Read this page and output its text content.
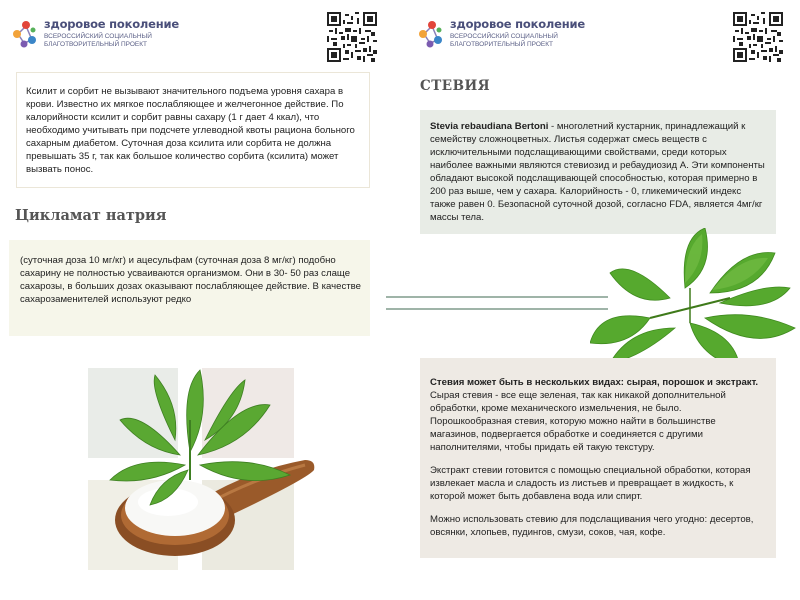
здоровое поколение
ВСЕРОССИЙСКИЙ СОЦИАЛЬНЫЙ
БЛАГОТВОРИТЕЛЬНЫЙ ПРОЕКТ

Ксилит и сорбит не вызывают значительного подъема уровня сахара в крови. Известно их мягкое послабляющее и желчегонное действие. По калорийности ксилит и сорбит равны сахару (1 г дает 4 ккал), что необходимо учитывать при подсчете углеводной квоты рациона больного сахарным диабетом. Суточная доза ксилита или сорбита не должна превышать 35 г, так как большое количество сорбита (ксилита) может вызвать понос.

Цикламат натрия

(суточная доза 10 мг/кг) и ацесульфам (суточная доза 8 мг/кг) подобно сахарину не полностью усваиваются организмом. Они в 30- 50 раз слаще сахарозы, в больших дозах оказывают послабляющее действие. В качестве сахарозаменителей используют редко

здоровое поколение
ВСЕРОССИЙСКИЙ СОЦИАЛЬНЫЙ
БЛАГОТВОРИТЕЛЬНЫЙ ПРОЕКТ
СТЕВИЯ

Stevia rebaudiana Bertoni - многолетний кустарник, принадлежащий к семейству сложноцветных. Листья содержат смесь веществ с исключительными подслащивающими свойствами, среди которых наиболее важными являются стевиозид и ребаудиозид А. Эти компоненты обладают высокой подслащивающей способностью, которая примерно в 200 раз выше, чем у сахара. Калорийность - 0, гликемический индекс также равен 0. Безопасной суточной дозой, согласно FDA, является 4мг/кг массы тела.

Стевия может быть в нескольких видах: сырая, порошок и экстракт. Сырая стевия - все еще зеленая, так как никакой дополнительной обработки, кроме механического измельчения, не было. Порошкообразная стевия, которую можно найти в большинстве магазинов, подвергается обработке и соединяется с другими наполнителями, чтобы придать ей такую текстуру.

Экстракт стевии готовится с помощью специальной обработки, которая извлекает масла и сладость из листьев и превращает в жидкость, к которой может быть добавлена вода или спирт.

Можно использовать стевию для подслащивания чего угодно: десертов, овсянки, хлопьев, пудингов, смузи, соков, чая, кофе.
